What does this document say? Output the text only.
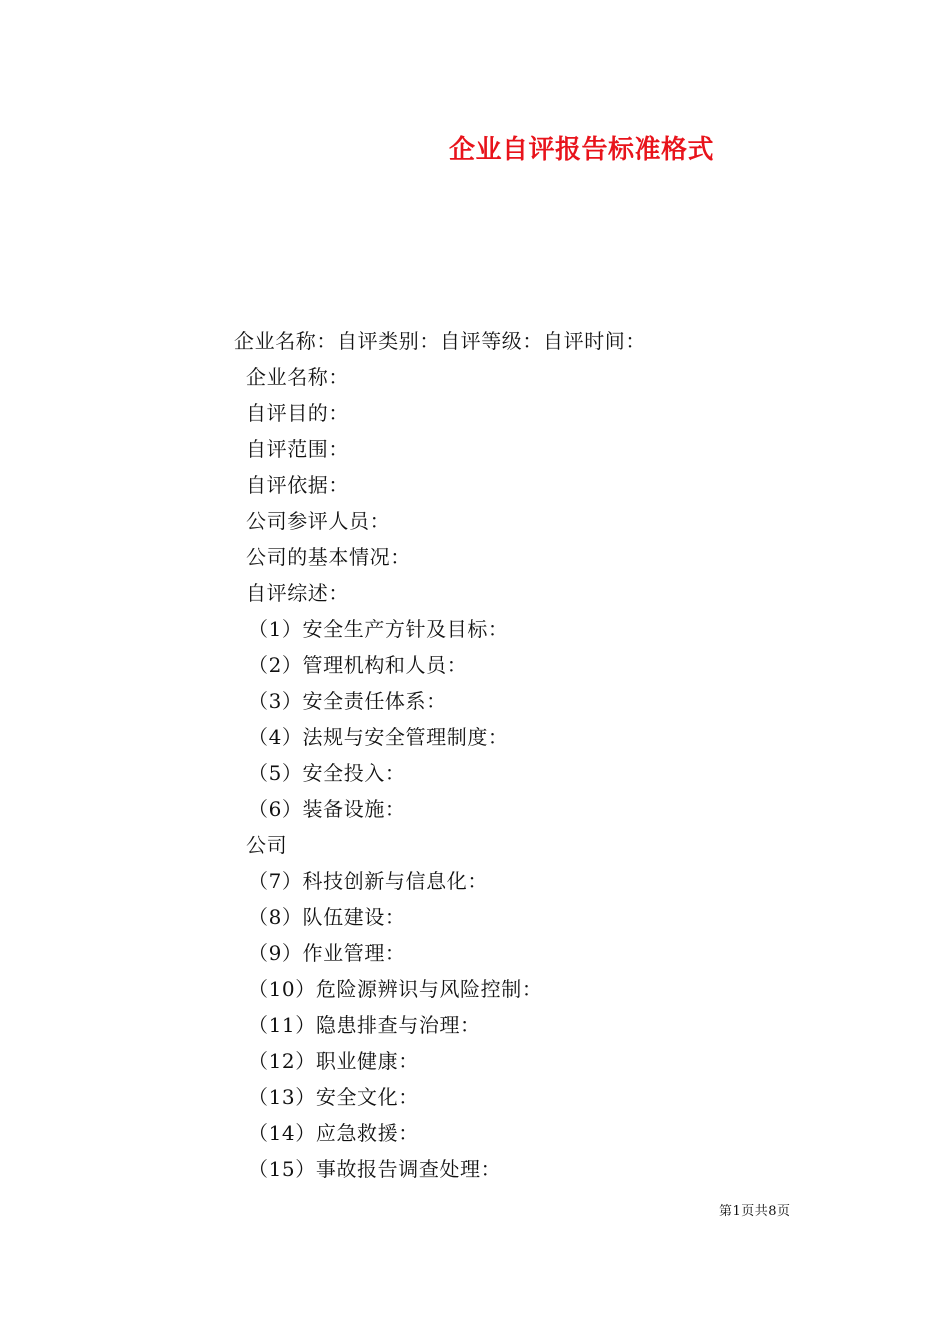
企业自评报告标准格式
企业名称：自评类别：自评等级：自评时间：
企业名称：
自评目的：
自评范围：
自评依据：
公司参评人员：
公司的基本情况：
自评综述：
（1）安全生产方针及目标：
（2）管理机构和人员：
（3）安全责任体系：
（4）法规与安全管理制度：
（5）安全投入：
（6）装备设施：
公司
（7）科技创新与信息化：
（8）队伍建设：
（9）作业管理：
（10）危险源辨识与风险控制：
（11）隐患排查与治理：
（12）职业健康：
（13）安全文化：
（14）应急救援：
（15）事故报告调查处理：
第1页共8页
